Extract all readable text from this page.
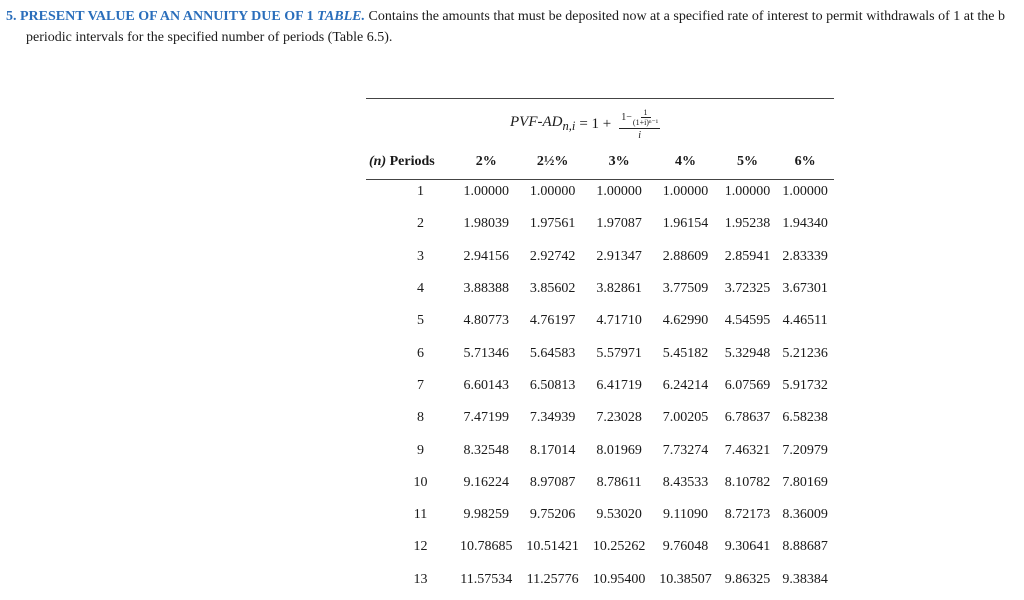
5. PRESENT VALUE OF AN ANNUITY DUE OF 1 TABLE. Contains the amounts that must be deposited now at a specified rate of interest to permit withdrawals of 1 at the b
periodic intervals for the specified number of periods (Table 6.5).
PVF-$AD_{n,i} = 1 + \frac{1- \frac{1}{\text{(1+i)ⁿ⁻¹}}}{i}$
(n) Periods	2%	2½%	3%	4%	5%	6%
1	1.00000	1.00000	1.00000	1.00000	1.00000	1.00000
2	1.98039	1.97561	1.97087	1.96154	1.95238	1.94340
3	2.94156	2.92742	2.91347	2.88609	2.85941	2.83339
4	3.88388	3.85602	3.82861	3.77509	3.72325	3.67301
5	4.80773	4.76197	4.71710	4.62990	4.54595	4.46511
6	5.71346	5.64583	5.57971	5.45182	5.32948	5.21236
7	6.60143	6.50813	6.41719	6.24214	6.07569	5.91732
8	7.47199	7.34939	7.23028	7.00205	6.78637	6.58238
9	8.32548	8.17014	8.01969	7.73274	7.46321	7.20979
10	9.16224	8.97087	8.78611	8.43533	8.10782	7.80169
11	9.98259	9.75206	9.53020	9.11090	8.72173	8.36009
12	10.78685	10.51421	10.25262	9.76048	9.30641	8.88687
13	11.57534	11.25776	10.95400	10.38507	9.86325	9.38384
